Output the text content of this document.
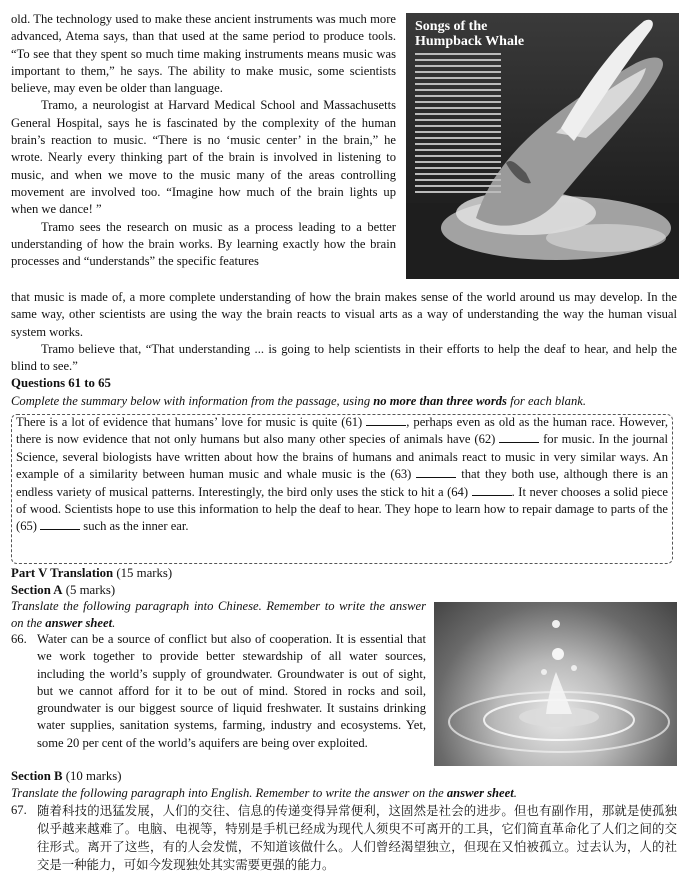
old. The technology used to make these ancient instruments was much more advanced, Atema says, than that used at the same period to produce tools. “To see that they spent so much time making instruments means music was important to them,” he says. The ability to make music, some scientists believe, may even be older than language.

Tramo, a neurologist at Harvard Medical School and Massachusetts General Hospital, says he is fascinated by the complexity of the human brain’s reaction to music. “There is no ‘music center’ in the brain,” he wrote. Nearly every thinking part of the brain is involved in listening to music, and when we move to the music many of the areas controlling movement are involved too. “Imagine how much of the brain lights up when we dance! ”

Tramo sees the research on music as a process leading to a better understanding of how the brain works. By learning exactly how the brain processes and “understands” the specific features

Songs of the
Humpback Whale

that music is made of, a more complete understanding of how the brain makes sense of the world around us may develop. In the same way, other scientists are using the way the brain reacts to visual arts as a way of understanding the way the human visual system works.

Tramo believe that, “That understanding ... is going to help scientists in their efforts to help the deaf to hear, and help the blind to see.”

Questions 61 to 65
Complete the summary below with information from the passage, using no more than three words for each blank.

There is a lot of evidence that humans’ love for music is quite (61)	, perhaps even as old as the human race. However, there is now evidence that not only humans but also many other species of animals have (62)	for music. In the journal Science, several biologists have written about how the brains of humans and animals react to music in very similar ways. An example of a similarity between human music and whale music is the (63)	that they both use, although there is an endless variety of musical patterns. Interestingly, the bird only uses the stick to hit a (64)	. It never chooses a solid piece of wood. Scientists hope to use this information to help the deaf to hear. They hope to learn how to repair damage to parts of the (65)	such as the inner ear.

Part V Translation (15 marks)
Section A (5 marks)
Translate the following paragraph into Chinese. Remember to write the answer on the answer sheet.
66. Water can be a source of conflict but also of cooperation. It is essential that we work together to provide better stewardship of all water sources, including the world’s supply of groundwater. Groundwater is out of sight, but we cannot afford for it to be out of mind. Stored in rocks and soil, groundwater is our biggest source of liquid freshwater. It sustains drinking water supplies, sanitation systems, farming, industry and ecosystems. Yet, some 20 per cent of the world’s aquifers are being over exploited.
Section B (10 marks)
Translate the following paragraph into English. Remember to write the answer on the answer sheet.
67. 随着科技的迅猛发展，人们的交往、信息的传递变得异常便利，这固然是社会的进步。但也有副作用，那就是使孤独似乎越来越难了。电脑、电视等，特别是手机已经成为现代人须臾不可离开的工具，它们简直革命化了人们之间的交往形式。离开了这些，有的人会发慌，不知道该做什么。人们曾经渴望独立，但现在又怕被孤立。过去认为，人的社交是一种能力，可如今发现独处其实需要更强的能力。
